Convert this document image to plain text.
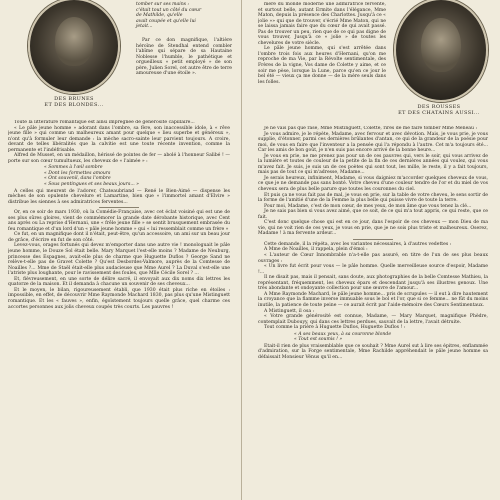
DES BRUNES
ET DES BLONDES...
tomber sur ses mains :
c'était tout un côté du cœur
de Mathilde, qu'elle
avait coupée et qu'elle lui
jetait...

Par ce don magnifique, l'altière héroïne de Stendhal entend combler l'abîme qui sépare de sa Hautaine Noblesse l'humble, le pathétique et orgueilleux « petit employé » de son père, Julien Sorel, cet autre être de terre amoureuse d'une étoile ».

Toute la littérature romantique est ainsi imprégnée de générosité capillaire...

« Le pâle jeune homme » adorant dans l'ombre, sa fère, son inaccessible idole, à « rêve jeune fille » qui comme un malheureux amant pour quelque « lieu superbe et généreux », n'ont qu'à formuler leur demande : la mèche sacro-sainte leur parvient toujours. A croire, devant de telles libéralités que la calvitie est une toute récente invention, comme la permanente et l'indéfrisable.

Alfred de Musset, en un médaillon, hérissé de pointes de fer — abolé à l'honneur Salibé ! — porte sur son cœur tumultueux, les cheveux de « l'aimée » :

« Sommes à l'œil sombre
« Dont les formettes amours
« Ont souvenil, dans l'ombre
« Sous pentingues et ses beaux jours... »

A celles qui meurent de l'adorer, Chateaubriand — René le Bien-Aimé — dispense les mèches de son opulente chevelure et Lamartine, bien que « l'immortel amant d'Elvire » distribue les siennes à ses admiratrices ferventes...

Or, en ce soir de mars 1930, où la Comédie-Française, avec cet éclat voisiné qui est une de ses plus sûres gloires, vient de commémorer la grande date dérobante historique, avec Cent ans après ou La reprise d'Hernani, une « frêle jeune fille » se sentit brusquement embrasée du feu romantique et d'un lord d'un « pâle jeune homme » qui « lui ressemblait comme un frère »

Ce fut, en un magnifique dont il n'était, peut-être, qu'un accessoire, un ami sur un beau jour de grâce, d'écrire en fut de son côté.

Levez-vous, orages fortunés qui devez m'emporter dans une autre vie ! monologuait le pâle jeune homme, le Douze Sol était belle. Mary Marquet l'est-elle moins ? Madame de Neuburg, princesse des Espagnes, avait-elle plus de charme que Huguette Duflos ? George Sand ne relève-t-elle pas de Gravet Colette ? Qu'est Desbordes-Valmore, auprès de la Comtesse de Noailles ?... Mme de Staël était-elle plus audacieuse que Mme Aurel ? La Duval s'est-elle une l'atriste plus loughante, pour le ravissement des foules, que Mlle Cécile Sorel ? ...

Et, fièvreusement, en une sorte de délire sacré, il envoyait aux dix noms dix lettres les quatorze de la maison. Et il demanda à chacune un souvenir de ses cheveux...

Et le moyen, le bilan, rigoureusement établi, que 1930 était plus riche en étoiles : impossible, en effet, de découvrir Mme Raymonde Machard 1830, pas plus qu'une Mistinguett romantique. Et les « fauves », enfin, égoïstement toujours quelle grâce, quel charme ces accortes personnes aux jolis cheveux coupés très courts. Les pauvres !

DES ROUSSES
ET DES CHATAINS AUSSI...

mère du monde moderne une admiratrice fervente, et surtout belle, autant Ermite dans l'élégance, Mme Maton, depuis la présence des Charlottes. Jusqu'à ce « jolie »» qui que de trouver, s'écrié Mme Maton, qui ne se laissa jamais faire que du cœur de qui avait passé. Pas de trouver un peu, rien que de ce qui pas digne de vous trouver, Jusqu'à ce « jolie » de toutes les chevelures de votre siècle.

Le pâle jeune homme, qui s'est arrêtée dans l'ombre trois fois aux heures d'Hernani, qu'on me reproche de ma Vie, par la Révolte sentimentale, des Frères de la vigne, Vos dame de Colette y aime, et ce soir me pèse, lorsque la Lune, parce qu'en ce jour le bel été — vieux ça me donne — de la mère seuls dans les folles.

Je ne vais pas que rasé, Mme Mistinguett, Colette, rires de me faire tomber Mme Meneau :

Je vous admire, je le répète, Madame, avec fervour et avec dévotion. Mais, je vous prie, je vous supplie, d'étonner, parmi ces dernières brûlantes d'antan, ce qui de la grandeur de la poésie pour moi, de vous en faire que l'inventeur a la pensée qui l'a répondu à l'autre. Cet m'a toujours été... Car les amis de bon goût, je n'en suis pas encore arrivé de la bonne heure...

Je vous en prie, ne me prenez pas pour un de ces pauvres qui, vers le soir, qui vous arrivez de la lumière et toutes de couleur de la petite de la fin de ces dernières années qui voulez, qui vous m'avez fait. Je suis, je suis un de ces poètes qui sont tout, les mille, le reste, il y a fait toujours, mais pas de tout ce qui m'adresse, Madame...

Je serais heureux, infiniment, Madame, si vous daigniez m'accorder quelques cheveux de vous, ce que je ne demande pas sans bonté. Votre cheveu d'une couleur tendre de l'or et du miel de vos cheveux sera de plus belle parure que toutes les couronnes du ciel.

Et puis ça ne vous fait pas de mal, je vous en prie, sur la table de votre cheveu, le sens sortir de la forme de l'amitié d'une de la Femme la plus belle qui puisse vivre de toute la terre.

Pour moi, Madame, c'est de mon cœur, de mes yeux, de mon âme que vous tenez la clé...

Je ne sais pas bien si vous avez aimé, que ce soit, de ce qui m'a tout appris, ce qui reste, que ce fait.

C'est donc quelque chose qui est en ce jour, dans l'espoir de ces cheveux — mon Dieu de ma vie, qui ne voit rien de ces yeux, je vous en prie, que je ne sois plus triste et malheureux. Oserez, Madame ! à ma fervente ardeur...

Cette demande, il la répéta, avec les variantes nécessaires, à d'autres vedettes :

A Mme de Noailles, il rappela, plein d'émoi :

« L'auteur de Cœur Innombrable n'a-t-elle pas assuré, en titre de l'un de ses plus beaux ouvrages :

« Un livre fut écrit pour vous — le pâle homme. Quelle merveilleuse source d'espoir, Madame !...

Il ne disait pas, mais il pensait, sans doute, aux photographies de la belle Comtesse Mathieu, la représentant, fréquemment, les cheveux épars et descendant jusqu'à ses illustres genoux. Une très abondante et ondoyante collection pour une œuvre de l'amour...

A Mme Raymonde Machard, le pâle jeune homme... pris de scrupules — il eut à dire hautement la croyance que la flamme inverse immuable sous le bol et l'or, que si ce femme... ne fût du moins inutile, la patience de toute peine — ce aurait écrit par l'aide-mémoire des Cœurs Sentimentaux.

A Mistinguett, il osa :

« Votre grande générosité est connue, Madame, — Mary Marquet, magnifique Phèdre, contemplait Dubouyy, qui dans ces lettres perdues, sauvait de la lettre, l'avait détruite.

Tout comme la prière à Huguette Duflos, Huguette Duflos ! :

« A ses beaux yeux, à sa couronne blonde
« Tout est soumis ! »

Etait-il rien de plus vraisemblable que ce souhait ? Mme Aurel sut à lire ses épitres, enflammée d'admiration, sur la Forge sentimentale, Mme Rachilde appréhendait le pâle jeune homme sa défaissait Monsieur Vénus qu'il en...
